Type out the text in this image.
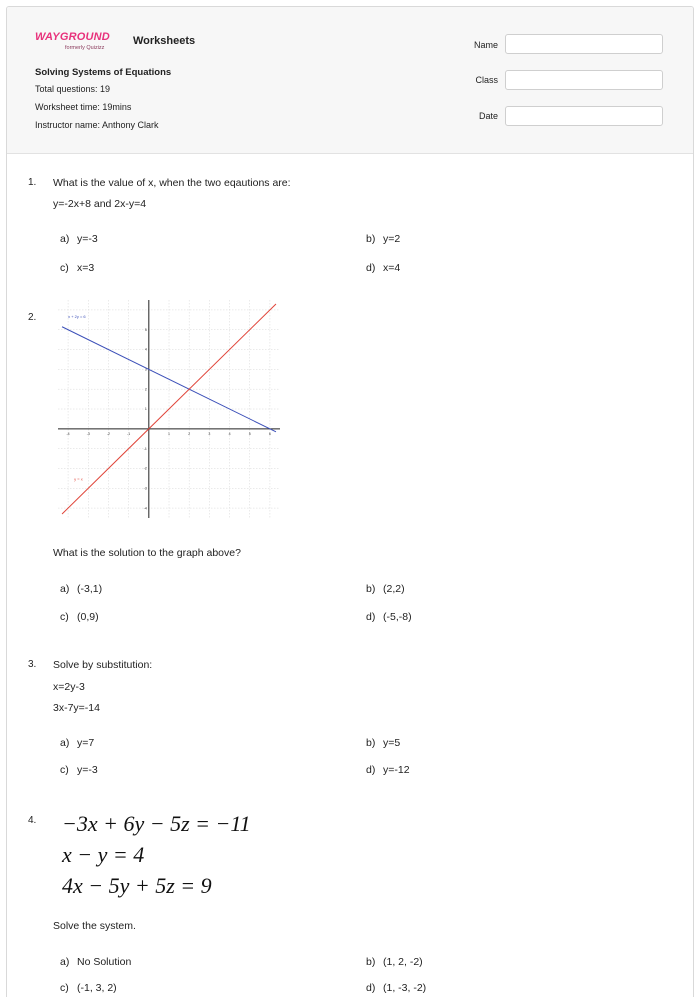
WAYGROUND
formerly Quizizz
Worksheets
Solving Systems of Equations
Total questions: 19
Worksheet time: 19mins
Instructor name: Anthony Clark
Name
Class
Date
1. What is the value of x, when the two eqautions are:
y=-2x+8 and 2x-y=4
a) y=-3	b) y=2
c) x=3	d) x=4
2.
-4	-3	-2	-1	1	2	3	4	5	6
5
4
3
2
1
-1
-2
-3
-4
x + 2y = 6
y = x
What is the solution to the graph above?
a) (-3,1)	b) (2,2)
c) (0,9)	d) (-5,-8)
3. Solve by substitution:
x=2y-3
3x-7y=-14
a) y=7	b) y=5
c) y=-3	d) y=-12
4. −3x + 6y − 5z = −11
x − y = 4
4x − 5y + 5z = 9
Solve the system.
a) No Solution	b) (1, 2, -2)
c) (-1, 3, 2)	d) (1, -3, -2)
